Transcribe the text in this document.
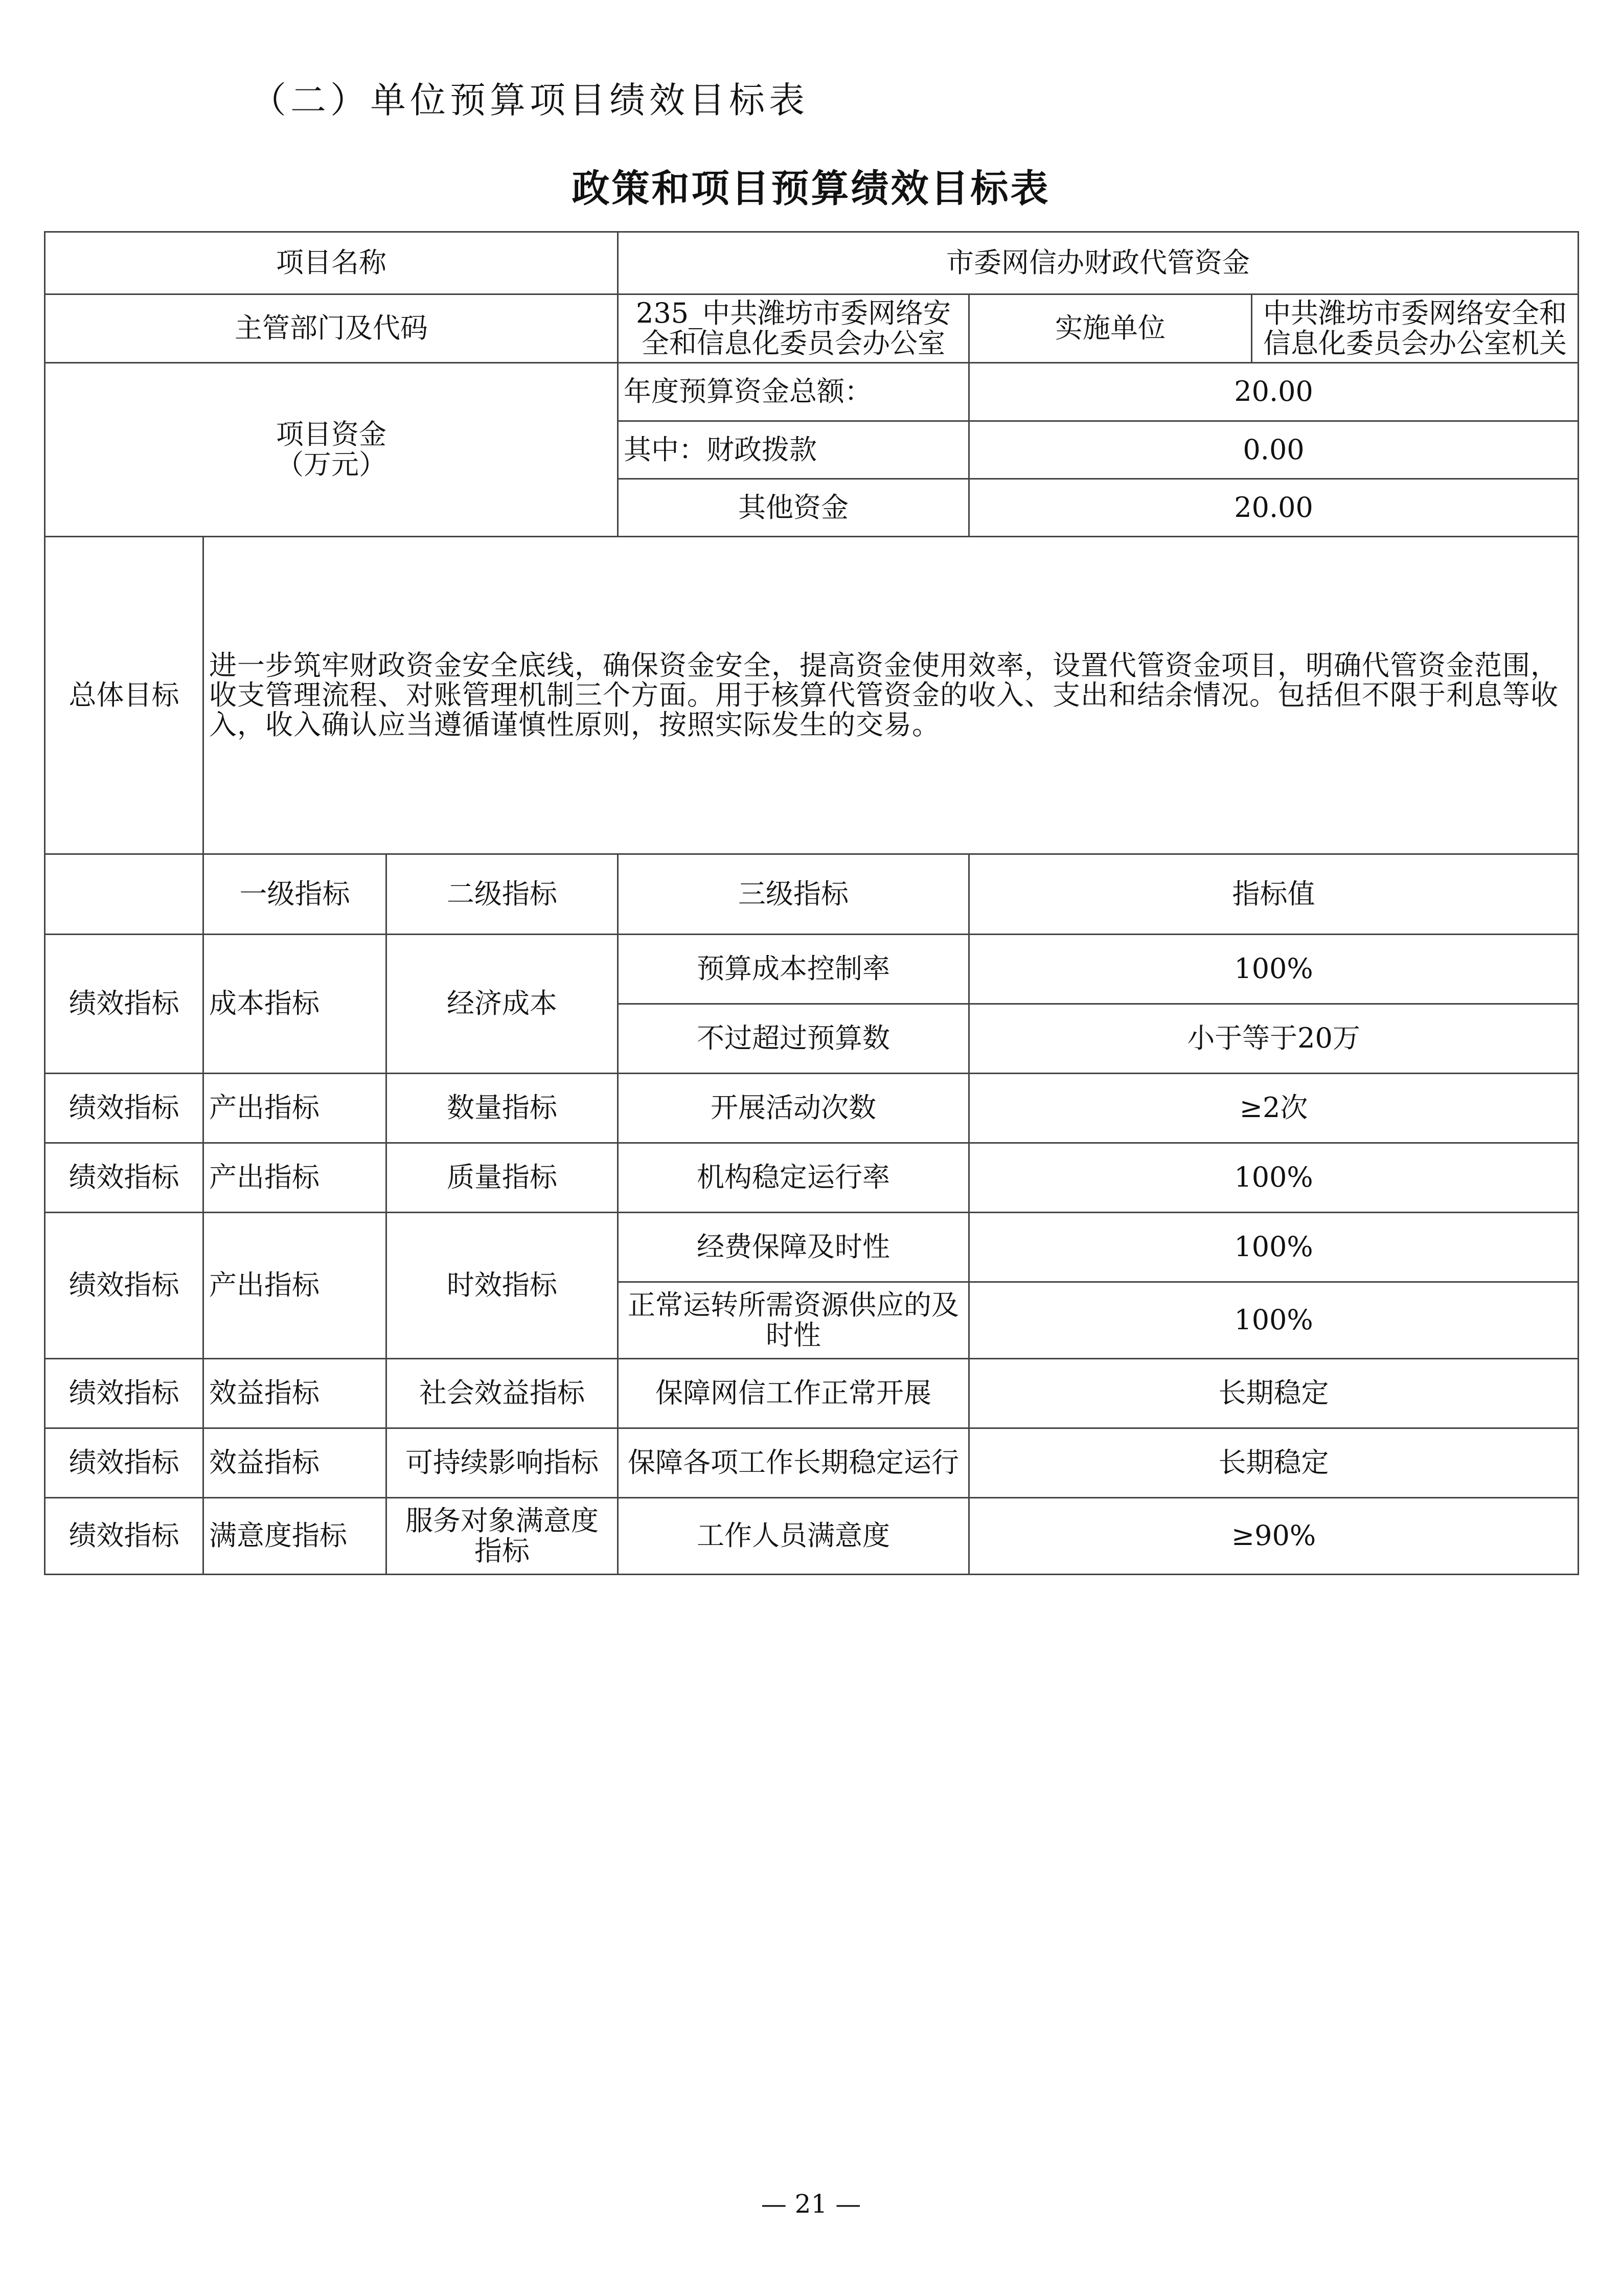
（二）单位预算项目绩效目标表
政策和项目预算绩效目标表
项目名称			市委网信办财政代管资金		
主管部门及代码			235_中共潍坊市委网络安全和信息化委员会办公室	实施单位	中共潍坊市委网络安全和信息化委员会办公室机关

项目资金
（万元）			年度预算资金总额：	20.00	
			其中：财政拨款	0.00	
			其他资金	20.00	
总体目标	进一步筑牢财政资金安全底线，确保资金安全，提高资金使用效率，设置代管资金项目，明确代管资金范围，收支管理流程、对账管理机制三个方面。用于核算代管资金的收入、支出和结余情况。包括但不限于利息等收入，收入确认应当遵循谨慎性原则，按照实际发生的交易。				
	一级指标	二级指标	三级指标	指标值	
绩效指标	成本指标	经济成本	预算成本控制率	100%	
			不过超过预算数	小于等于20万	
绩效指标	产出指标	数量指标	开展活动次数	≥2次	
绩效指标	产出指标	质量指标	机构稳定运行率	100%	
绩效指标	产出指标	时效指标	经费保障及时性	100%	
			正常运转所需资源供应的及时性	100%	
绩效指标	效益指标	社会效益指标	保障网信工作正常开展	长期稳定	
绩效指标	效益指标	可持续影响指标	保障各项工作长期稳定运行	长期稳定	
绩效指标	满意度指标	服务对象满意度指标	工作人员满意度	≥90%	
— 21 —
